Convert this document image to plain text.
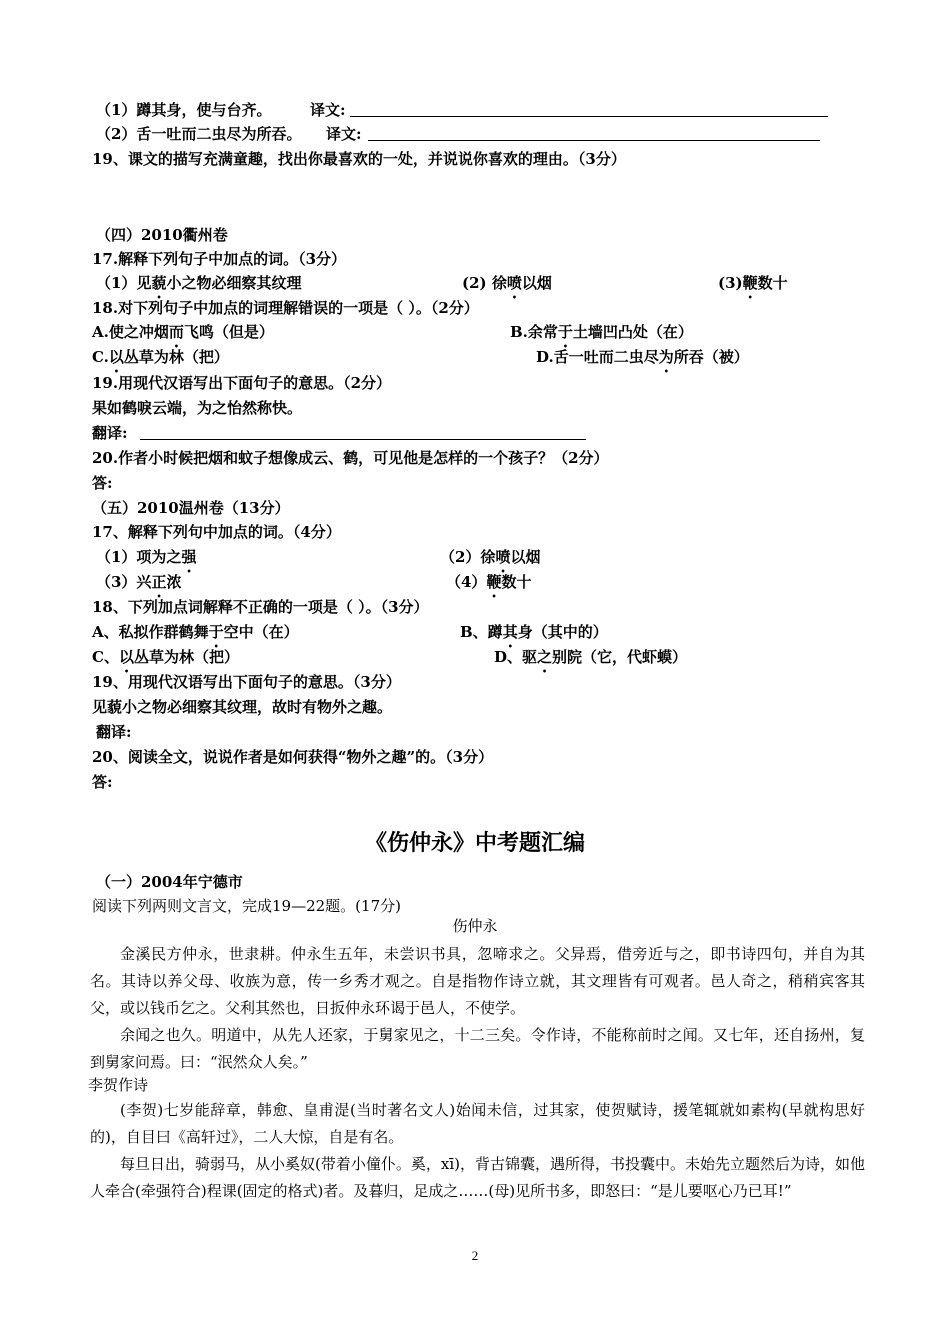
（1）蹲其身，使与台齐。	译文:
（2）舌一吐而二虫尽为所吞。 译文:
19、课文的描写充满童趣，找出你最喜欢的一处，并说说你喜欢的理由。（3分）
（四）2010衢州卷
17.解释下列句子中加点的词。（3分）
（1）见藐小之物必细察其纹理	(2) 徐喷以烟	(3)鞭数十
18.对下列句子中加点的词理解错误的一项是（ ）。（2分）
A.使之冲烟而飞鸣（但是）	B.余常于土墙凹凸处（在）
C.以丛草为林（把）	D.舌一吐而二虫尽为所吞（被）
19.用现代汉语写出下面句子的意思。（2分）
果如鹤唳云端，为之怡然称快。
翻译:
20.作者小时候把烟和蚊子想像成云、鹤，可见他是怎样的一个孩子？（2分）
答:
（五）2010温州卷（13分）
17、解释下列句中加点的词。（4分）
（1）项为之强	（2）徐喷以烟
（3）兴正浓	（4）鞭数十
18、下列加点词解释不正确的一项是（ ）。（3分）
A、私拟作群鹤舞于空中（在）	B、蹲其身（其中的）
C、以丛草为林（把）	D、驱之别院（它，代虾蟆）
19、用现代汉语写出下面句子的意思。（3分）
见藐小之物必细察其纹理，故时有物外之趣。
翻译:
20、阅读全文，说说作者是如何获得“物外之趣”的。（3分）
答:
《伤仲永》中考题汇编
（一）2004年宁德市
阅读下列两则文言文，完成19—22题。(17分)
伤仲永
金溪民方仲永，世隶耕。仲永生五年，未尝识书具，忽啼求之。父异焉，借旁近与之，即书诗四句，并自为其名。其诗以养父母、收族为意，传一乡秀才观之。自是指物作诗立就，其文理皆有可观者。邑人奇之，稍稍宾客其父，或以钱币乞之。父利其然也，日扳仲永环谒于邑人，不使学。
余闻之也久。明道中，从先人还家，于舅家见之，十二三矣。令作诗，不能称前时之闻。又七年，还自扬州，复到舅家问焉。曰：“泯然众人矣。”
李贺作诗
(李贺)七岁能辞章，韩愈、皇甫湜(当时著名文人)始闻未信，过其家，使贺赋诗，援笔辄就如素构(早就构思好的)，自目曰《高轩过》，二人大惊，自是有名。
每旦日出，骑弱马，从小奚奴(带着小僮仆。奚，xī)，背古锦囊，遇所得，书投囊中。未始先立题然后为诗，如他人牵合(牵强符合)程课(固定的格式)者。及暮归，足成之……(母)见所书多，即怒曰：“是儿要呕心乃已耳!”
2
